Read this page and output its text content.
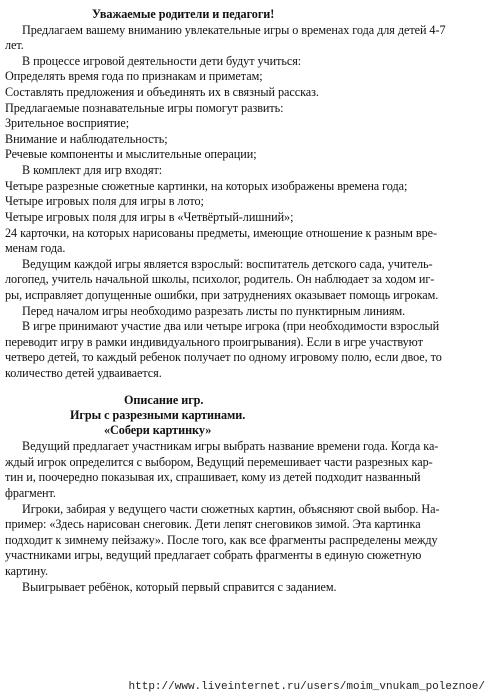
Уважаемые родители и педагоги!
Предлагаем вашему вниманию увлекательные игры о временах года для детей 4-7
лет.
В процессе игровой деятельности дети будут учиться:
Определять время года по признакам и приметам;
Составлять предложения и объединять их в связный рассказ.
Предлагаемые познавательные игры помогут развить:
Зрительное восприятие;
Внимание и наблюдательность;
Речевые компоненты и мыслительные операции;
В комплект для игр входят:
Четыре разрезные сюжетные картинки, на которых изображены времена года;
Четыре игровых поля для игры в лото;
Четыре игровых поля для игры в «Четвёртый-лишний»;
24 карточки, на которых нарисованы предметы, имеющие отношение к разным вре-
менам года.
Ведущим каждой игры является взрослый: воспитатель детского сада, учитель-
логопед, учитель начальной школы, психолог, родитель. Он наблюдает за ходом иг-
ры, исправляет допущенные ошибки, при затруднениях оказывает помощь игрокам.
Перед началом игры необходимо разрезать листы по пунктирным линиям.
В игре принимают участие два или четыре игрока (при необходимости взрослый
переводит игру в рамки индивидуального проигрывания). Если в игре участвуют
четверо детей, то каждый ребенок получает по одному игровому полю, если двое, то
количество детей удваивается.
Описание игр.
Игры с разрезными картинами.
«Собери картинку»
Ведущий предлагает участникам игры выбрать название времени года. Когда ка-
ждый игрок определится с выбором, Ведущий перемешивает части разрезных кар-
тин и, поочередно показывая их, спрашивает, кому из детей подходит названный
фрагмент.
Игроки, забирая у ведущего части сюжетных картин, объясняют свой выбор. На-
пример: «Здесь нарисован снеговик. Дети лепят снеговиков зимой. Эта картинка
подходит к зимнему пейзажу». После того, как все фрагменты распределены между
участниками игры, ведущий предлагает собрать фрагменты в единую сюжетную
картину.
Выигрывает ребёнок, который первый справится с заданием.
http://www.liveinternet.ru/users/moim_vnukam_poleznoe/
